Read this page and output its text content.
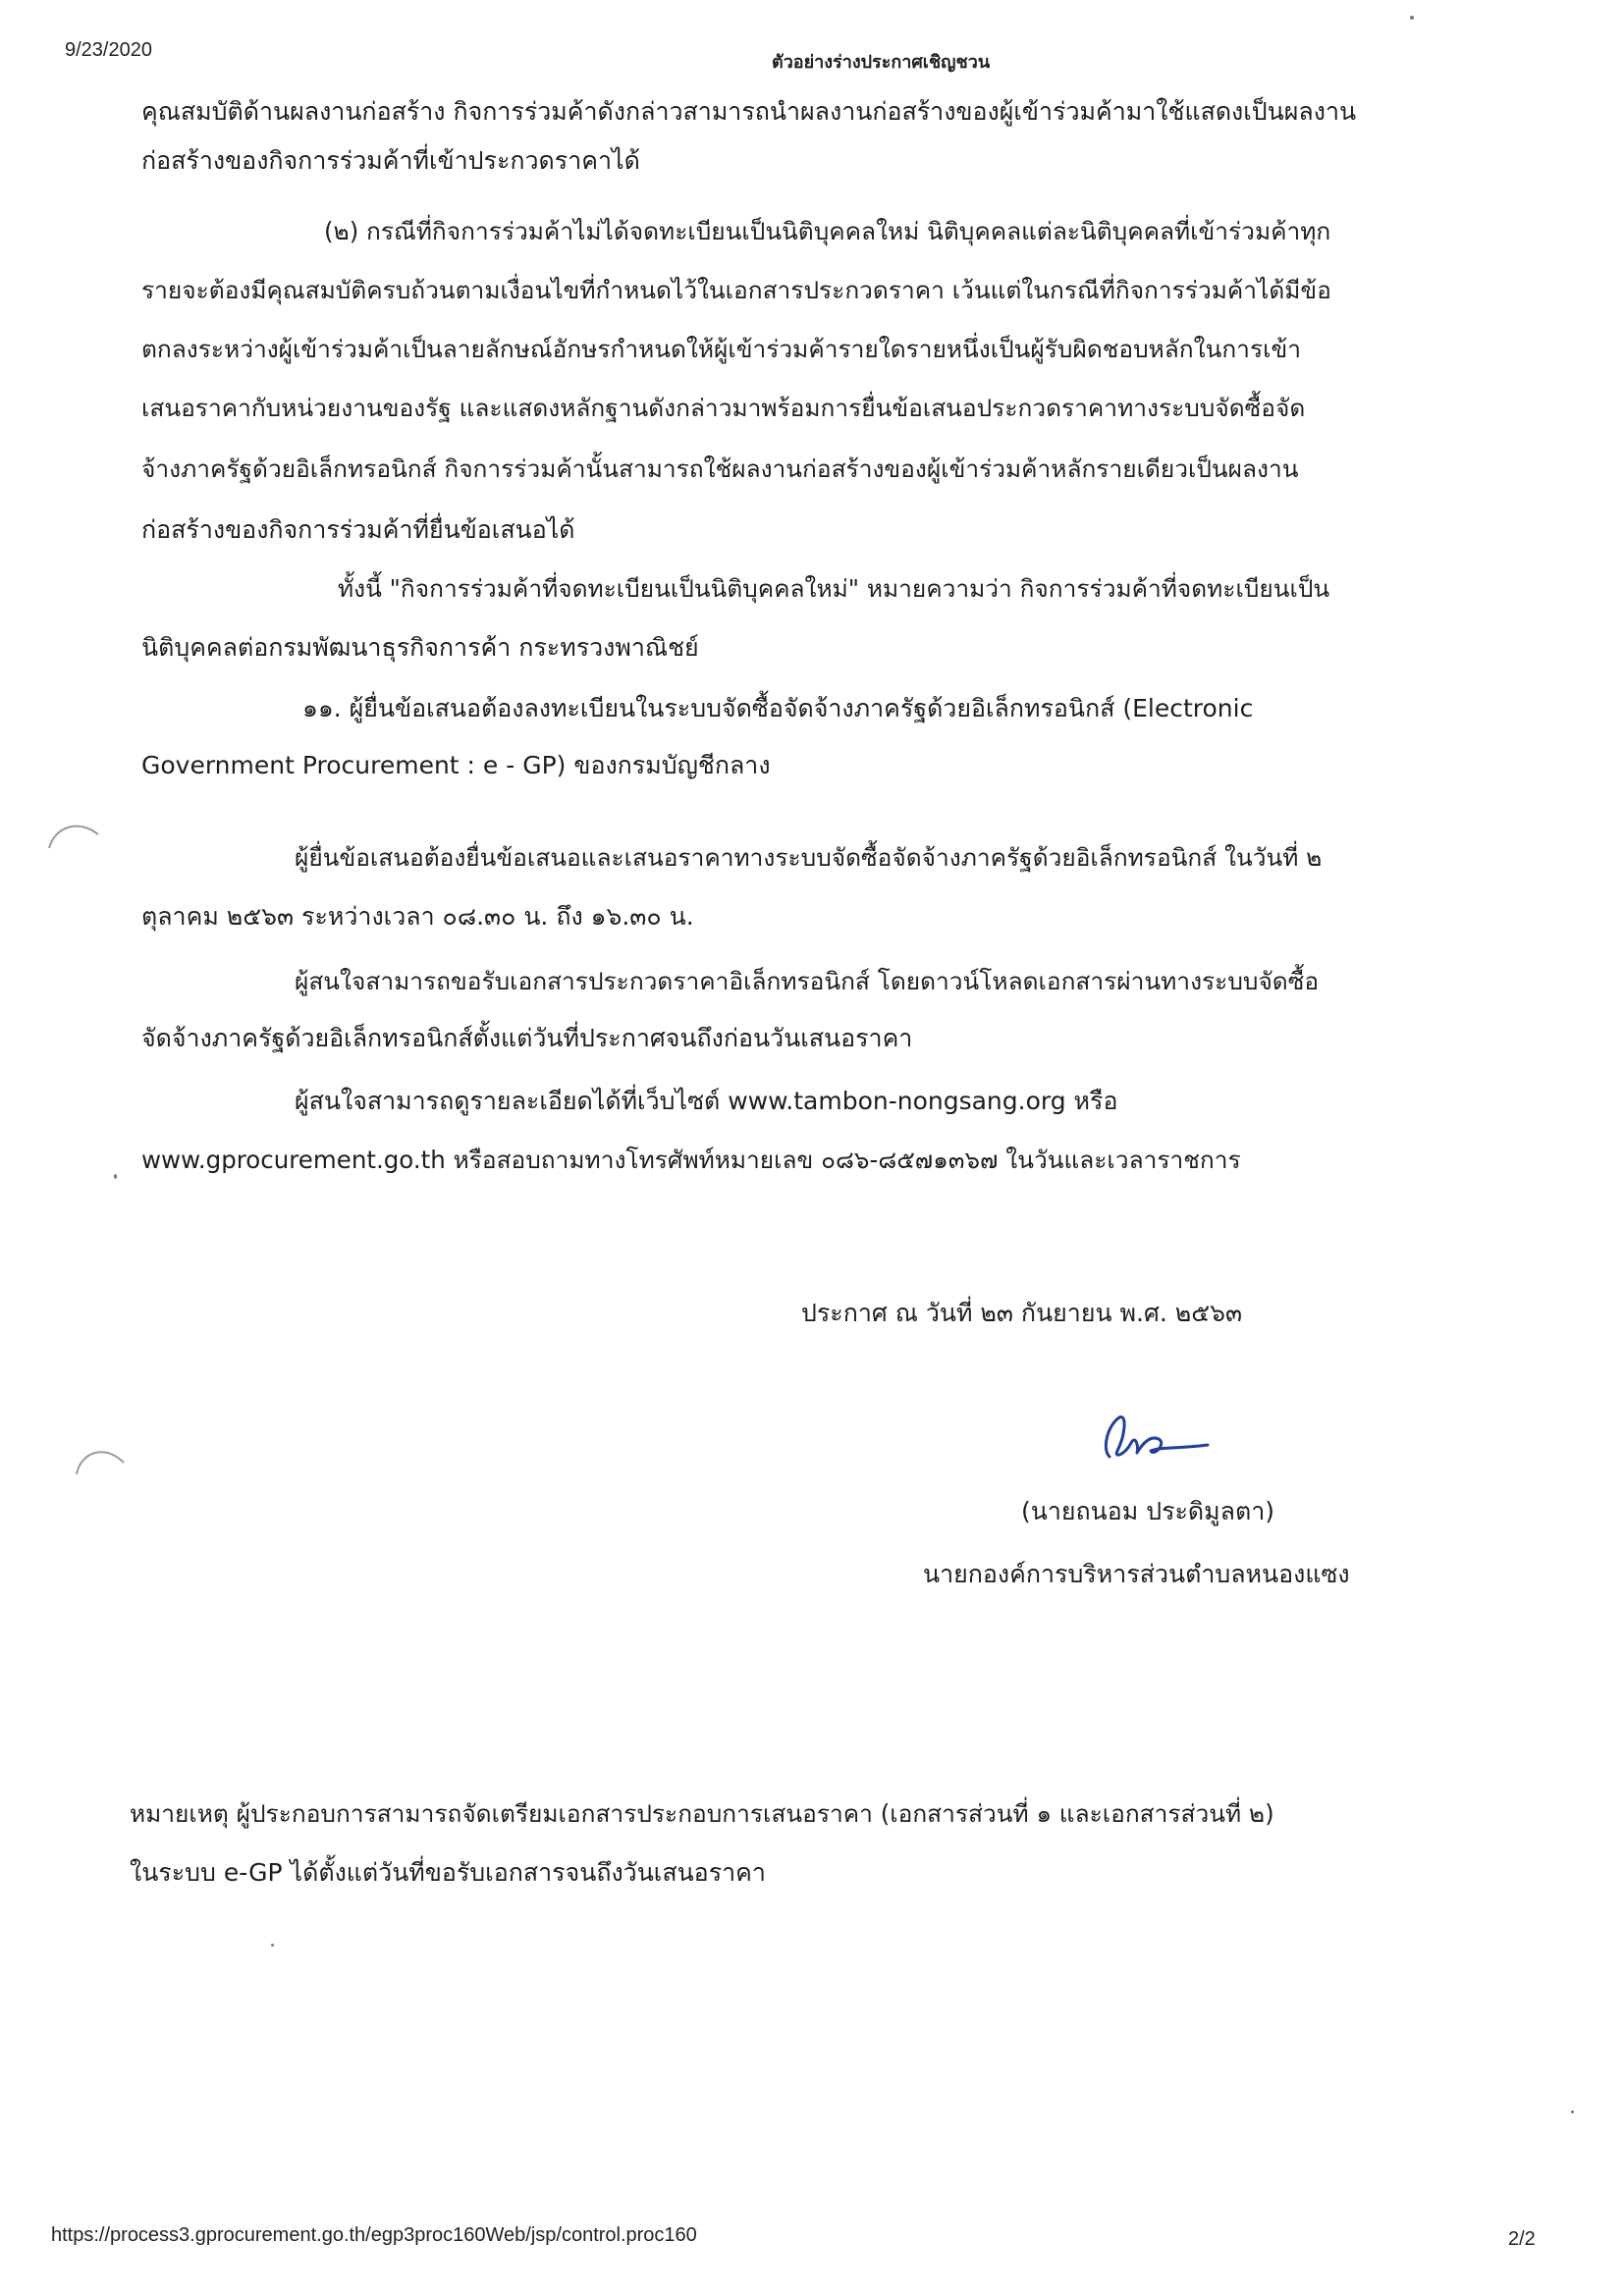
9/23/2020
ตัวอย่างร่างประกาศเชิญชวน
คุณสมบัติด้านผลงานก่อสร้าง กิจการร่วมค้าดังกล่าวสามารถนำผลงานก่อสร้างของผู้เข้าร่วมค้ามาใช้แสดงเป็นผลงาน
ก่อสร้างของกิจการร่วมค้าที่เข้าประกวดราคาได้
(๒) กรณีที่กิจการร่วมค้าไม่ได้จดทะเบียนเป็นนิติบุคคลใหม่ นิติบุคคลแต่ละนิติบุคคลที่เข้าร่วมค้าทุก
รายจะต้องมีคุณสมบัติครบถ้วนตามเงื่อนไขที่กำหนดไว้ในเอกสารประกวดราคา เว้นแต่ในกรณีที่กิจการร่วมค้าได้มีข้อ
ตกลงระหว่างผู้เข้าร่วมค้าเป็นลายลักษณ์อักษรกำหนดให้ผู้เข้าร่วมค้ารายใดรายหนึ่งเป็นผู้รับผิดชอบหลักในการเข้า
เสนอราคากับหน่วยงานของรัฐ และแสดงหลักฐานดังกล่าวมาพร้อมการยื่นข้อเสนอประกวดราคาทางระบบจัดซื้อจัด
จ้างภาครัฐด้วยอิเล็กทรอนิกส์ กิจการร่วมค้านั้นสามารถใช้ผลงานก่อสร้างของผู้เข้าร่วมค้าหลักรายเดียวเป็นผลงาน
ก่อสร้างของกิจการร่วมค้าที่ยื่นข้อเสนอได้
ทั้งนี้ "กิจการร่วมค้าที่จดทะเบียนเป็นนิติบุคคลใหม่" หมายความว่า กิจการร่วมค้าที่จดทะเบียนเป็น
นิติบุคคลต่อกรมพัฒนาธุรกิจการค้า กระทรวงพาณิชย์
๑๑. ผู้ยื่นข้อเสนอต้องลงทะเบียนในระบบจัดซื้อจัดจ้างภาครัฐด้วยอิเล็กทรอนิกส์ (Electronic
Government Procurement : e - GP) ของกรมบัญชีกลาง
ผู้ยื่นข้อเสนอต้องยื่นข้อเสนอและเสนอราคาทางระบบจัดซื้อจัดจ้างภาครัฐด้วยอิเล็กทรอนิกส์ ในวันที่ ๒
ตุลาคม ๒๕๖๓ ระหว่างเวลา ๐๘.๓๐ น. ถึง ๑๖.๓๐ น.
ผู้สนใจสามารถขอรับเอกสารประกวดราคาอิเล็กทรอนิกส์ โดยดาวน์โหลดเอกสารผ่านทางระบบจัดซื้อ
จัดจ้างภาครัฐด้วยอิเล็กทรอนิกส์ตั้งแต่วันที่ประกาศจนถึงก่อนวันเสนอราคา
ผู้สนใจสามารถดูรายละเอียดได้ที่เว็บไซต์ www.tambon-nongsang.org หรือ
www.gprocurement.go.th หรือสอบถามทางโทรศัพท์หมายเลข ๐๘๖-๘๕๗๑๓๖๗ ในวันและเวลาราชการ
ประกาศ ณ วันที่ ๒๓ กันยายน พ.ศ. ๒๕๖๓
(นายถนอม ประดิมูลตา)
นายกองค์การบริหารส่วนตำบลหนองแซง
หมายเหตุ ผู้ประกอบการสามารถจัดเตรียมเอกสารประกอบการเสนอราคา (เอกสารส่วนที่ ๑ และเอกสารส่วนที่ ๒)
ในระบบ e-GP ได้ตั้งแต่วันที่ขอรับเอกสารจนถึงวันเสนอราคา
https://process3.gprocurement.go.th/egp3proc160Web/jsp/control.proc160	2/2
